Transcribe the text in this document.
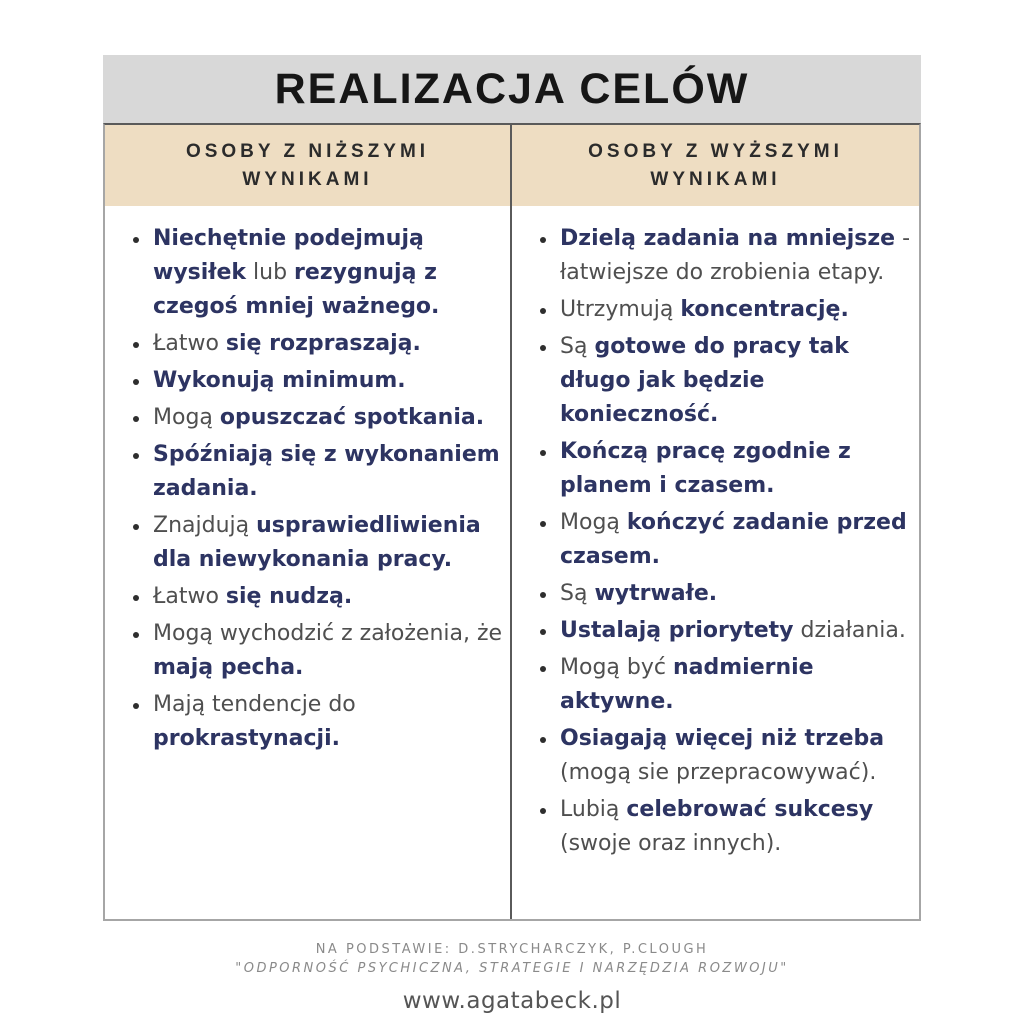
REALIZACJA CELÓW
OSOBY Z NIŻSZYMI
WYNIKAMI
OSOBY Z WYŻSZYMI
WYNIKAMI
• Niechętnie podejmują wysiłek lub rezygnują z czegoś mniej ważnego.
• Łatwo się rozpraszają.
• Wykonują minimum.
• Mogą opuszczać spotkania.
• Spóźniają się z wykonaniem zadania.
• Znajdują usprawiedliwienia dla niewykonania pracy.
• Łatwo się nudzą.
• Mogą wychodzić z założenia, że mają pecha.
• Mają tendencje do prokrastynacji.
• Dzielą zadania na mniejsze - łatwiejsze do zrobienia etapy.
• Utrzymują koncentrację.
• Są gotowe do pracy tak długo jak będzie konieczność.
• Kończą pracę zgodnie z planem i czasem.
• Mogą kończyć zadanie przed czasem.
• Są wytrwałe.
• Ustalają priorytety działania.
• Mogą być nadmiernie aktywne.
• Osiagają więcej niż trzeba (mogą sie przepracowywać).
• Lubią celebrować sukcesy (swoje oraz innych).
NA PODSTAWIE: D.STRYCHARCZYK, P.CLOUGH
"ODPORNOŚĆ PSYCHICZNA, STRATEGIE I NARZĘDZIA ROZWOJU"
www.agatabeck.pl
